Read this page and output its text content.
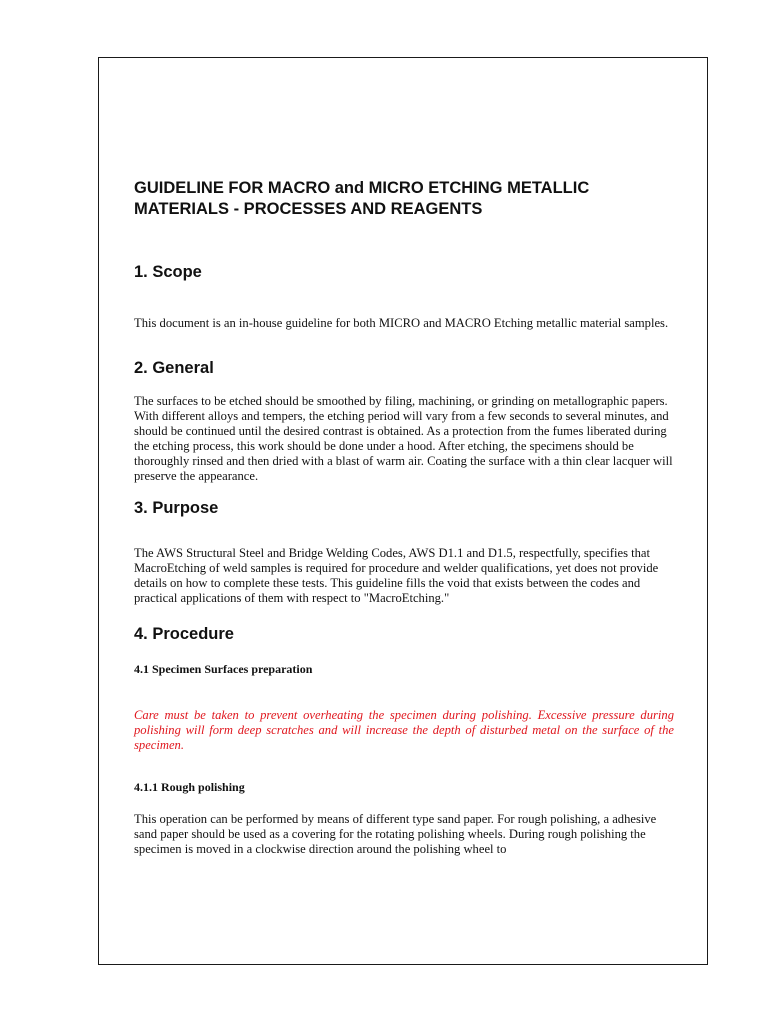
GUIDELINE FOR MACRO and MICRO ETCHING METALLIC MATERIALS - PROCESSES AND REAGENTS
1. Scope

This document is an in-house guideline for both MICRO and MACRO Etching metallic material samples.

2. General

The surfaces to be etched should be smoothed by filing, machining, or grinding on metallographic papers. With different alloys and tempers, the etching period will vary from a few seconds to several minutes, and should be continued until the desired contrast is obtained. As a protection from the fumes liberated during the etching process, this work should be done under a hood. After etching, the specimens should be thoroughly rinsed and then dried with a blast of warm air. Coating the surface with a thin clear lacquer will preserve the appearance.

3. Purpose

The AWS Structural Steel and Bridge Welding Codes, AWS D1.1 and D1.5, respectfully, specifies that MacroEtching of weld samples is required for procedure and welder qualifications, yet does not provide details on how to complete these tests. This guideline fills the void that exists between the codes and practical applications of them with respect to "MacroEtching."

4. Procedure
4.1 Specimen Surfaces preparation

Care must be taken to prevent overheating the specimen during polishing. Excessive pressure during polishing will form deep scratches and will increase the depth of disturbed metal on the surface of the specimen.

4.1.1 Rough polishing

This operation can be performed by means of different type sand paper. For rough polishing, a adhesive sand paper should be used as a covering for the rotating polishing wheels. During rough polishing the specimen is moved in a clockwise direction around the polishing wheel to
